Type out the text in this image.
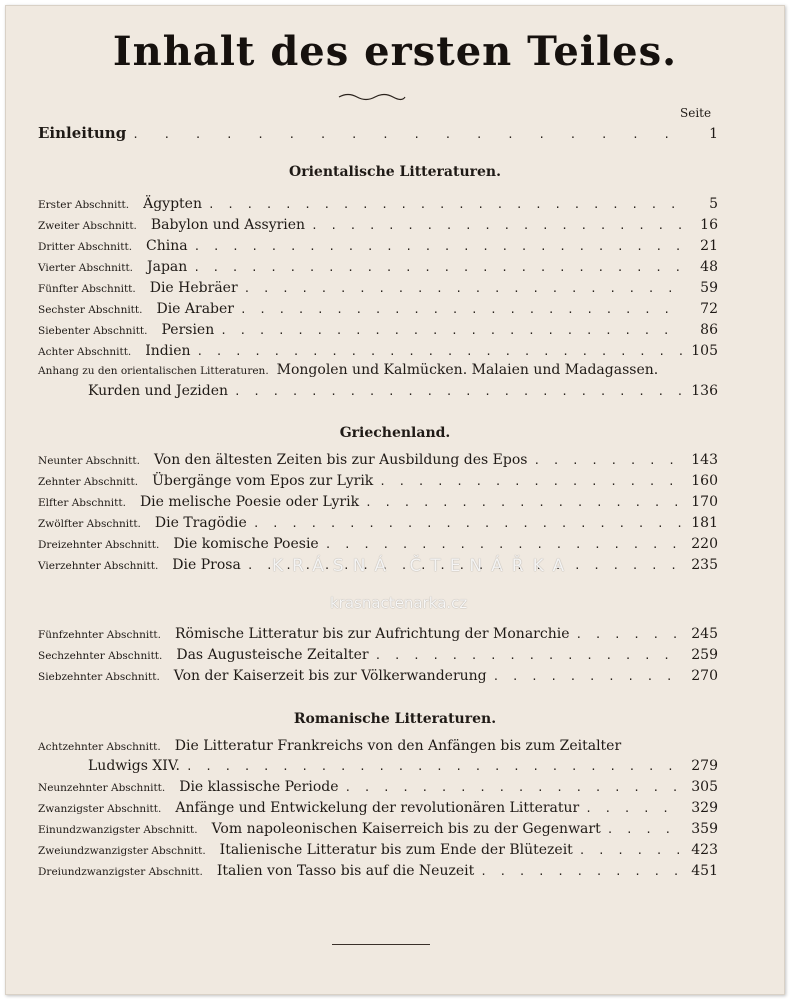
Inhalt des ersten Teiles.
Seite
Einleitung . . .	1
Orientalische Litteraturen.
Erster Abschnitt. Ägypten . . .	5
Zweiter Abschnitt. Babylon und Assyrien . . .	16
Dritter Abschnitt. China . . .	21
Vierter Abschnitt. Japan . . .	48
Fünfter Abschnitt. Die Hebräer . . .	59
Sechster Abschnitt. Die Araber . . .	72
Siebenter Abschnitt. Persien . . .	86
Achter Abschnitt. Indien . . .	105
Anhang zu den orientalischen Litteraturen. Mongolen und Kalmücken. Malaien und Madagassen.
Kurden und Jeziden . . .	136
Griechenland.
Neunter Abschnitt. Von den ältesten Zeiten bis zur Ausbildung des Epos . . .	143
Zehnter Abschnitt. Übergänge vom Epos zur Lyrik . . .	160
Elfter Abschnitt. Die melische Poesie oder Lyrik . . .	170
Zwölfter Abschnitt. Die Tragödie . . .	181
Dreizehnter Abschnitt. Die komische Poesie . . .	220
Vierzehnter Abschnitt. Die Prosa . . .	235
Fünfzehnter Abschnitt. Römische Litteratur bis zur Aufrichtung der Monarchie . . .	245
Sechzehnter Abschnitt. Das Augusteische Zeitalter . . .	259
Siebzehnter Abschnitt. Von der Kaiserzeit bis zur Völkerwanderung . . .	270
Romanische Litteraturen.
Achtzehnter Abschnitt. Die Litteratur Frankreichs von den Anfängen bis zum Zeitalter
Ludwigs XIV. . . .	279
Neunzehnter Abschnitt. Die klassische Periode . . .	305
Zwanzigster Abschnitt. Anfänge und Entwickelung der revolutionären Litteratur . . .	329
Einundzwanzigster Abschnitt. Vom napoleonischen Kaiserreich bis zu der Gegenwart . . .	359
Zweiundzwanzigster Abschnitt. Italienische Litteratur bis zum Ende der Blütezeit . . .	423
Dreiundzwanzigster Abschnitt. Italien von Tasso bis auf die Neuzeit . . .	451
KRÁSNÁ ČTENÁŘKA
krasnactenarka.cz
